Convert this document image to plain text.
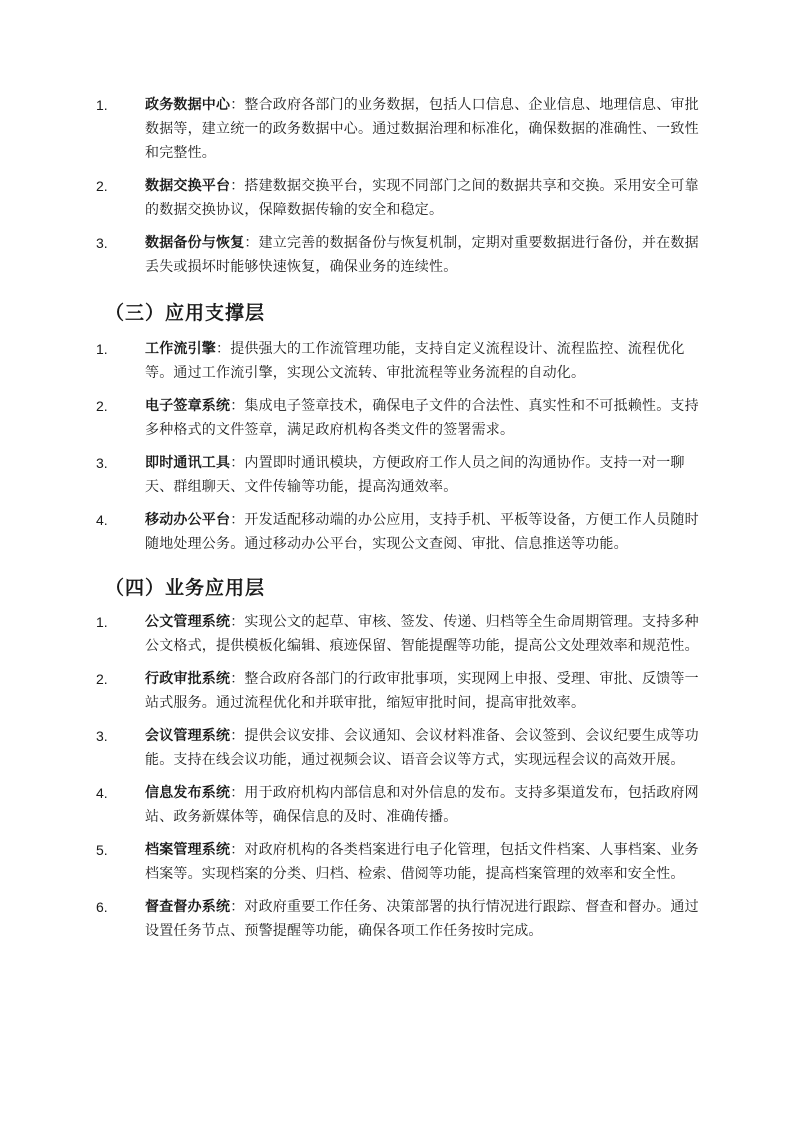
1.	政务数据中心：整合政府各部门的业务数据，包括人口信息、企业信息、地理信息、审批数据等，建立统一的政务数据中心。通过数据治理和标准化，确保数据的准确性、一致性和完整性。
2.	数据交换平台：搭建数据交换平台，实现不同部门之间的数据共享和交换。采用安全可靠的数据交换协议，保障数据传输的安全和稳定。
3.	数据备份与恢复：建立完善的数据备份与恢复机制，定期对重要数据进行备份，并在数据丢失或损坏时能够快速恢复，确保业务的连续性。
（三）应用支撑层
1.	工作流引擎：提供强大的工作流管理功能，支持自定义流程设计、流程监控、流程优化等。通过工作流引擎，实现公文流转、审批流程等业务流程的自动化。
2.	电子签章系统：集成电子签章技术，确保电子文件的合法性、真实性和不可抵赖性。支持多种格式的文件签章，满足政府机构各类文件的签署需求。
3.	即时通讯工具：内置即时通讯模块，方便政府工作人员之间的沟通协作。支持一对一聊天、群组聊天、文件传输等功能，提高沟通效率。
4.	移动办公平台：开发适配移动端的办公应用，支持手机、平板等设备，方便工作人员随时随地处理公务。通过移动办公平台，实现公文查阅、审批、信息推送等功能。
（四）业务应用层
1.	公文管理系统：实现公文的起草、审核、签发、传递、归档等全生命周期管理。支持多种公文格式，提供模板化编辑、痕迹保留、智能提醒等功能，提高公文处理效率和规范性。
2.	行政审批系统：整合政府各部门的行政审批事项，实现网上申报、受理、审批、反馈等一站式服务。通过流程优化和并联审批，缩短审批时间，提高审批效率。
3.	会议管理系统：提供会议安排、会议通知、会议材料准备、会议签到、会议纪要生成等功能。支持在线会议功能，通过视频会议、语音会议等方式，实现远程会议的高效开展。
4.	信息发布系统：用于政府机构内部信息和对外信息的发布。支持多渠道发布，包括政府网站、政务新媒体等，确保信息的及时、准确传播。
5.	档案管理系统：对政府机构的各类档案进行电子化管理，包括文件档案、人事档案、业务档案等。实现档案的分类、归档、检索、借阅等功能，提高档案管理的效率和安全性。
6.	督查督办系统：对政府重要工作任务、决策部署的执行情况进行跟踪、督查和督办。通过设置任务节点、预警提醒等功能，确保各项工作任务按时完成。
